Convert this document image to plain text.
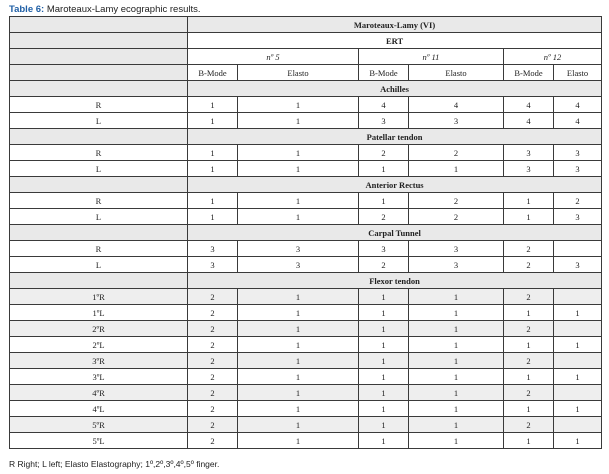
Table 6: Maroteaux-Lamy ecographic results.
	Maroteaux-Lamy (VI)					
	ERT					
	nº 5		nº 11		nº 12	
	B-Mode	Elasto	B-Mode	Elasto	B-Mode	Elasto
	Achilles					
R	1	1	4	4	4	4
L	1	1	3	3	4	4
	Patellar tendon					
R	1	1	2	2	3	3
L	1	1	1	1	3	3
	Anterior Rectus					
R	1	1	1	2	1	2
L	1	1	2	2	1	3
	Carpal Tunnel					
R	3	3	3	3	2	
L	3	3	2	3	2	3
	Flexor tendon					
1ºR	2	1	1	1	2	
1ºL	2	1	1	1	1	1
2ºR	2	1	1	1	2	
2ºL	2	1	1	1	1	1
3ºR	2	1	1	1	2	
3ºL	2	1	1	1	1	1
4ºR	2	1	1	1	2	
4ºL	2	1	1	1	1	1
5ºR	2	1	1	1	2	
5ºL	2	1	1	1	1	1
R Right; L left; Elasto Elastography; 1º,2º,3º,4º,5º finger.
